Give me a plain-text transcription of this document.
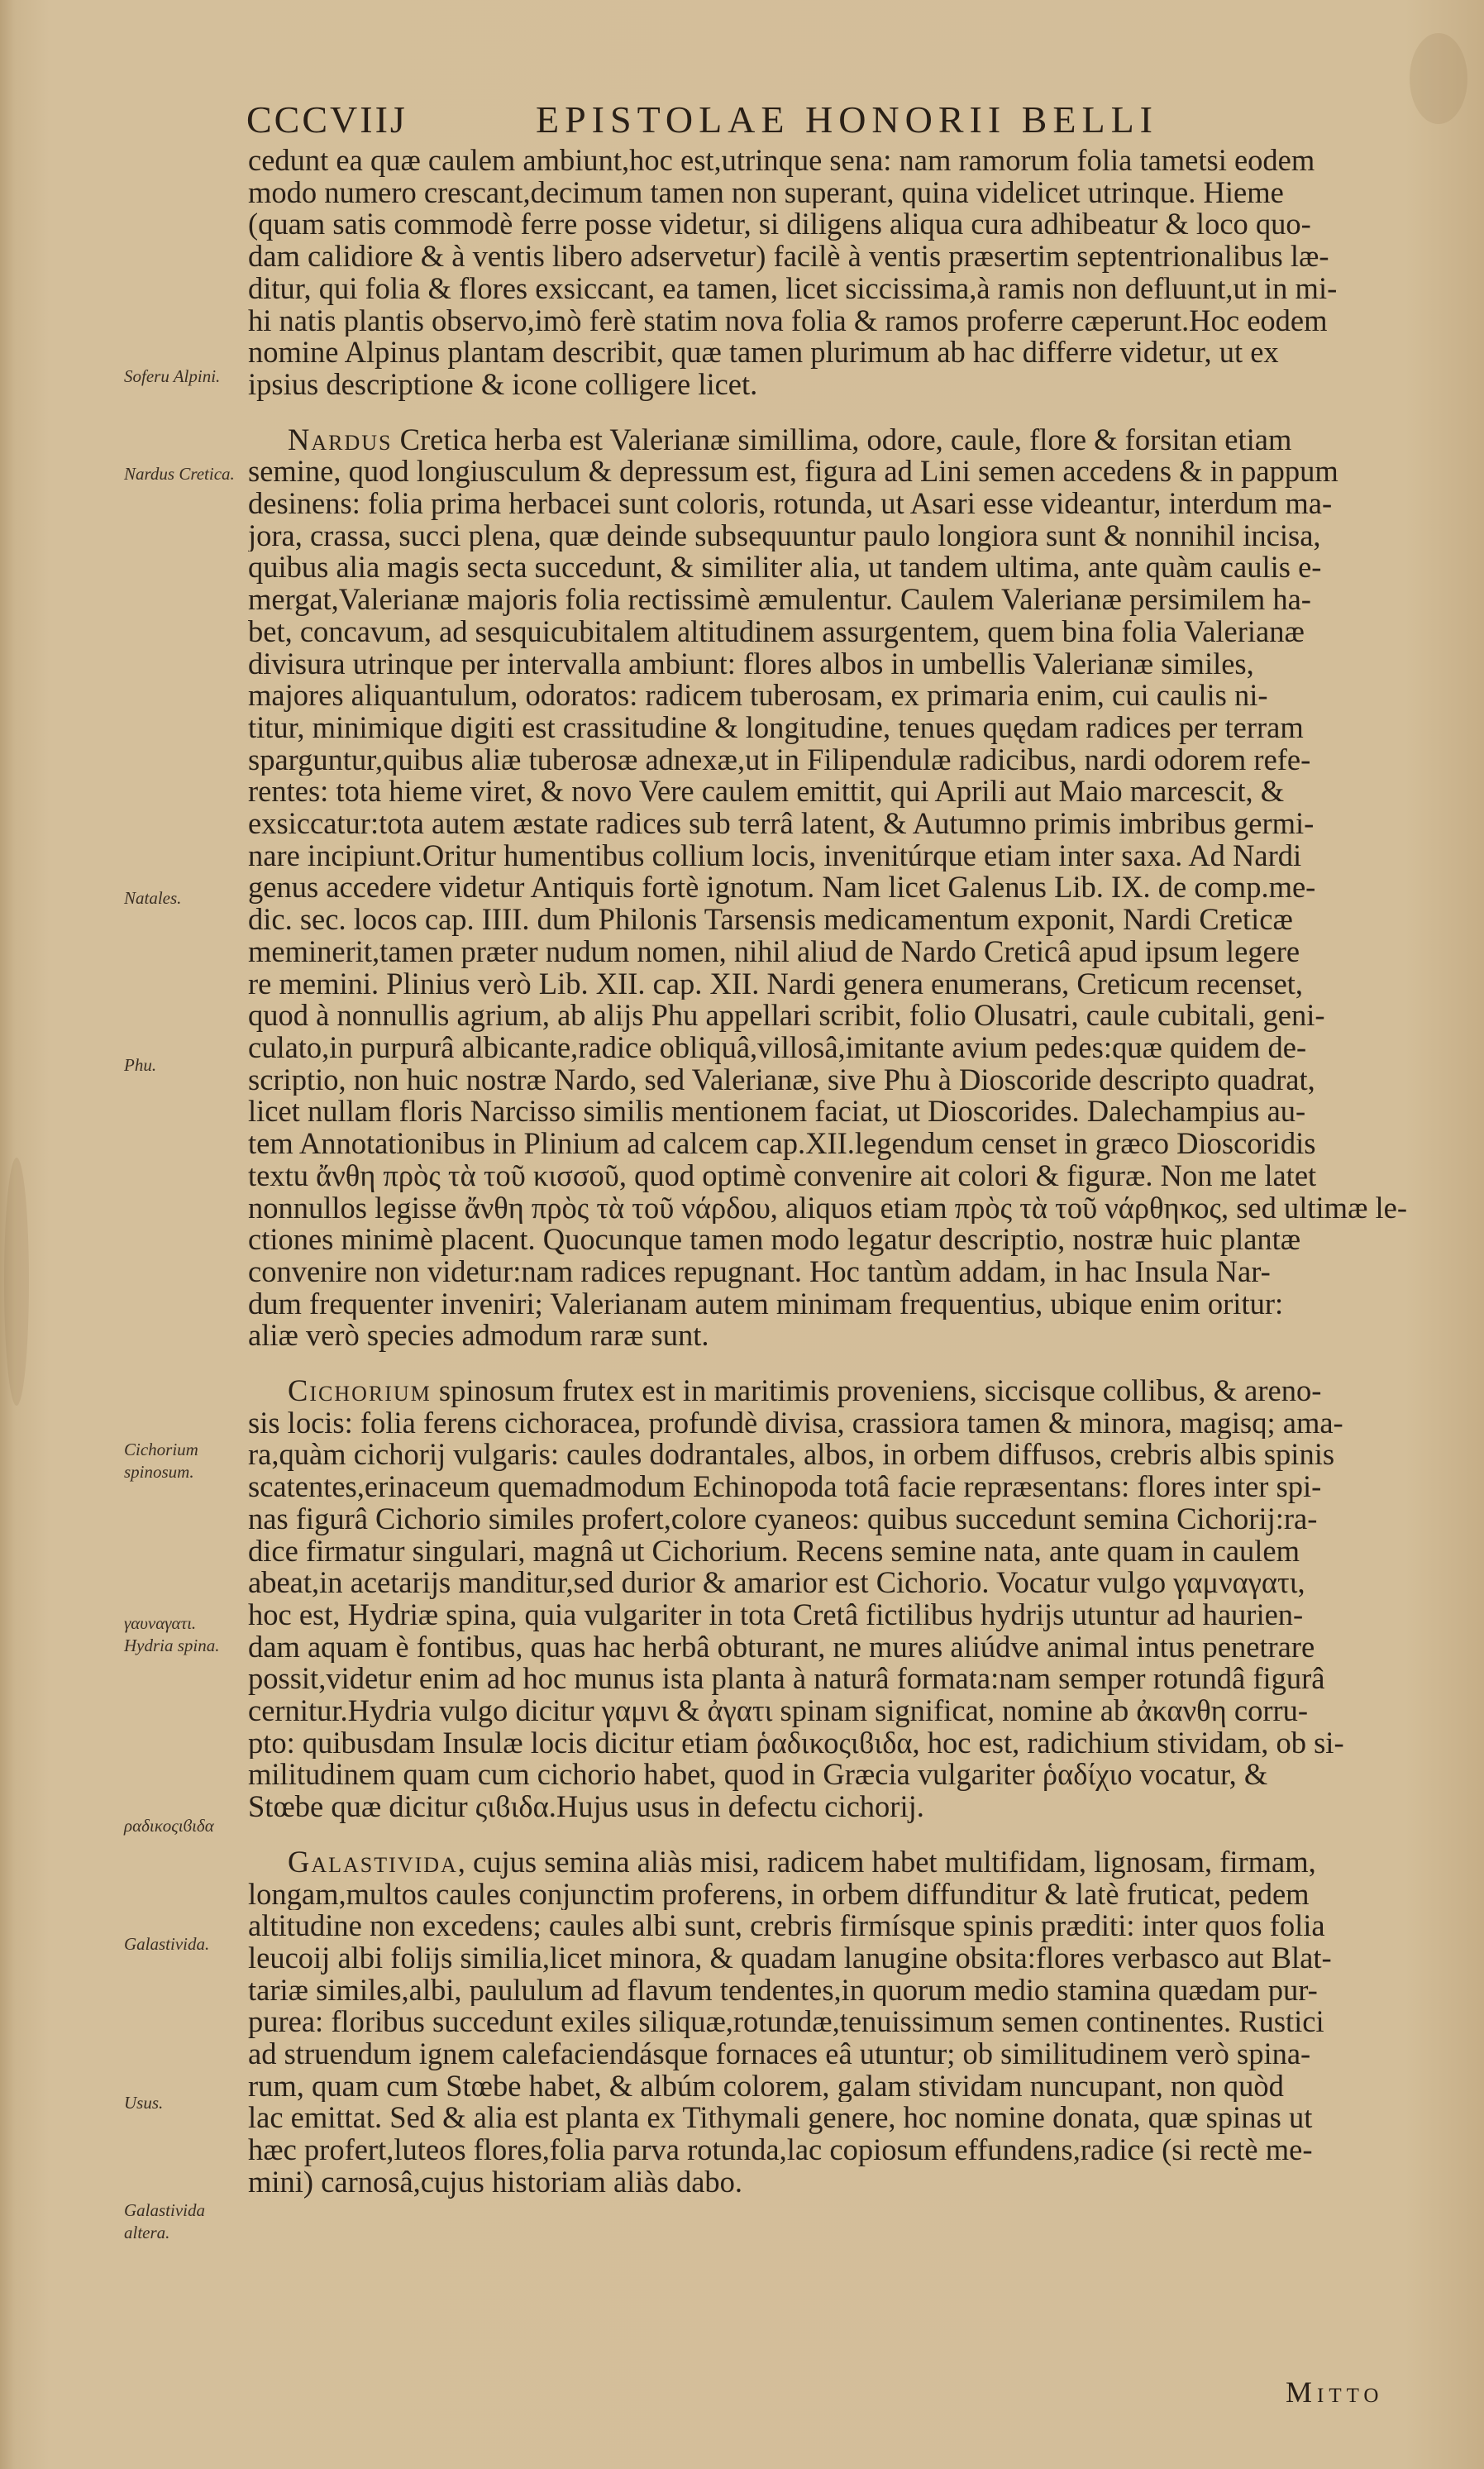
CCCVIIJ	EPISTOLAE HONORII BELLI
Soferu Alpini.
Nardus Cretica.
Natales.
Phu.
Cichorium spinosum.
γαυναγατι. Hydria spina.
ραδικοςιϐιδα
Galastivida.
Usus.
Galastivida altera.

cedunt ea quæ caulem ambiunt,hoc est,utrinque sena: nam ramorum folia tametsi eodem
modo numero crescant,decimum tamen non superant, quina videlicet utrinque. Hieme
(quam satis commodè ferre posse videtur, si diligens aliqua cura adhibeatur & loco quo-
dam calidiore & à ventis libero adservetur) facilè à ventis præsertim septentrionalibus læ-
ditur, qui folia & flores exsiccant, ea tamen, licet siccissima,à ramis non defluunt,ut in mi-
hi natis plantis observo,imò ferè statim nova folia & ramos proferre cæperunt.Hoc eodem
nomine Alpinus plantam describit, quæ tamen plurimum ab hac differre videtur, ut ex
ipsius descriptione & icone colligere licet.

Nardus Cretica herba est Valerianæ simillima, odore, caule, flore & forsitan etiam
semine, quod longiusculum & depressum est, figura ad Lini semen accedens & in pappum
desinens: folia prima herbacei sunt coloris, rotunda, ut Asari esse videantur, interdum ma-
jora, crassa, succi plena, quæ deinde subsequuntur paulo longiora sunt & nonnihil incisa,
quibus alia magis secta succedunt, & similiter alia, ut tandem ultima, ante quàm caulis e-
mergat,Valerianæ majoris folia rectissimè æmulentur. Caulem Valerianæ persimilem ha-
bet, concavum, ad sesquicubitalem altitudinem assurgentem, quem bina folia Valerianæ
divisura utrinque per intervalla ambiunt: flores albos in umbellis Valerianæ similes,
majores aliquantulum, odoratos: radicem tuberosam, ex primaria enim, cui caulis ni-
titur, minimique digiti est crassitudine & longitudine, tenues quędam radices per terram
sparguntur,quibus aliæ tuberosæ adnexæ,ut in Filipendulæ radicibus, nardi odorem refe-
rentes: tota hieme viret, & novo Vere caulem emittit, qui Aprili aut Maio marcescit, &
exsiccatur:tota autem æstate radices sub terrâ latent, & Autumno primis imbribus germi-
nare incipiunt.Oritur humentibus collium locis, invenitúrque etiam inter saxa. Ad Nardi
genus accedere videtur Antiquis fortè ignotum. Nam licet Galenus Lib. IX. de comp.me-
dic. sec. locos cap. IIII. dum Philonis Tarsensis medicamentum exponit, Nardi Creticæ
meminerit,tamen præter nudum nomen, nihil aliud de Nardo Creticâ apud ipsum legere
re memini. Plinius verò Lib. XII. cap. XII. Nardi genera enumerans, Creticum recenset,
quod à nonnullis agrium, ab alijs Phu appellari scribit, folio Olusatri, caule cubitali, geni-
culato,in purpurâ albicante,radice obliquâ,villosâ,imitante avium pedes:quæ quidem de-
scriptio, non huic nostræ Nardo, sed Valerianæ, sive Phu à Dioscoride descripto quadrat,
licet nullam floris Narcisso similis mentionem faciat, ut Dioscorides. Dalechampius au-
tem Annotationibus in Plinium ad calcem cap.XII.legendum censet in græco Dioscoridis
textu ἄνθη πρὸς τὰ τοῦ κισσοῦ, quod optimè convenire ait colori & figuræ. Non me latet
nonnullos legisse ἄνθη πρὸς τὰ τοῦ νάρδου, aliquos etiam πρὸς τὰ τοῦ νάρθηκος, sed ultimæ le-
ctiones minimè placent. Quocunque tamen modo legatur descriptio, nostræ huic plantæ
convenire non videtur:nam radices repugnant. Hoc tantùm addam, in hac Insula Nar-
dum frequenter inveniri; Valerianam autem minimam frequentius, ubique enim oritur:
aliæ verò species admodum raræ sunt.

Cichorium spinosum frutex est in maritimis proveniens, siccisque collibus, & areno-
sis locis: folia ferens cichoracea, profundè divisa, crassiora tamen & minora, magisq; ama-
ra,quàm cichorij vulgaris: caules dodrantales, albos, in orbem diffusos, crebris albis spinis
scatentes,erinaceum quemadmodum Echinopoda totâ facie repræsentans: flores inter spi-
nas figurâ Cichorio similes profert,colore cyaneos: quibus succedunt semina Cichorij:ra-
dice firmatur singulari, magnâ ut Cichorium. Recens semine nata, ante quam in caulem
abeat,in acetarijs manditur,sed durior & amarior est Cichorio. Vocatur vulgo γαμναγατι,
hoc est, Hydriæ spina, quia vulgariter in tota Cretâ fictilibus hydrijs utuntur ad haurien-
dam aquam è fontibus, quas hac herbâ obturant, ne mures aliúdve animal intus penetrare
possit,videtur enim ad hoc munus ista planta à naturâ formata:nam semper rotundâ figurâ
cernitur.Hydria vulgo dicitur γαμνι & ἀγατι spinam significat, nomine ab ἀκανθη corru-
pto: quibusdam Insulæ locis dicitur etiam ῥαδικοςιϐιδα, hoc est, radichium stividam, ob si-
militudinem quam cum cichorio habet, quod in Græcia vulgariter ῥαδίχιο vocatur, &
Stœbe quæ dicitur ςιϐιδα.Hujus usus in defectu cichorij.

Galastivida, cujus semina aliàs misi, radicem habet multifidam, lignosam, firmam,
longam,multos caules conjunctim proferens, in orbem diffunditur & latè fruticat, pedem
altitudine non excedens; caules albi sunt, crebris firmísque spinis præditi: inter quos folia
leucoij albi folijs similia,licet minora, & quadam lanugine obsita:flores verbasco aut Blat-
tariæ similes,albi, paululum ad flavum tendentes,in quorum medio stamina quædam pur-
purea: floribus succedunt exiles siliquæ,rotundæ,tenuissimum semen continentes. Rustici
ad struendum ignem calefaciendásque fornaces eâ utuntur; ob similitudinem verò spina-
rum, quam cum Stœbe habet, & albúm colorem, galam stividam nuncupant, non quòd
lac emittat. Sed & alia est planta ex Tithymali genere, hoc nomine donata, quæ spinas ut
hæc profert,luteos flores,folia parva rotunda,lac copiosum effundens,radice (si rectè me-
mini) carnosâ,cujus historiam aliàs dabo.

Mitto
